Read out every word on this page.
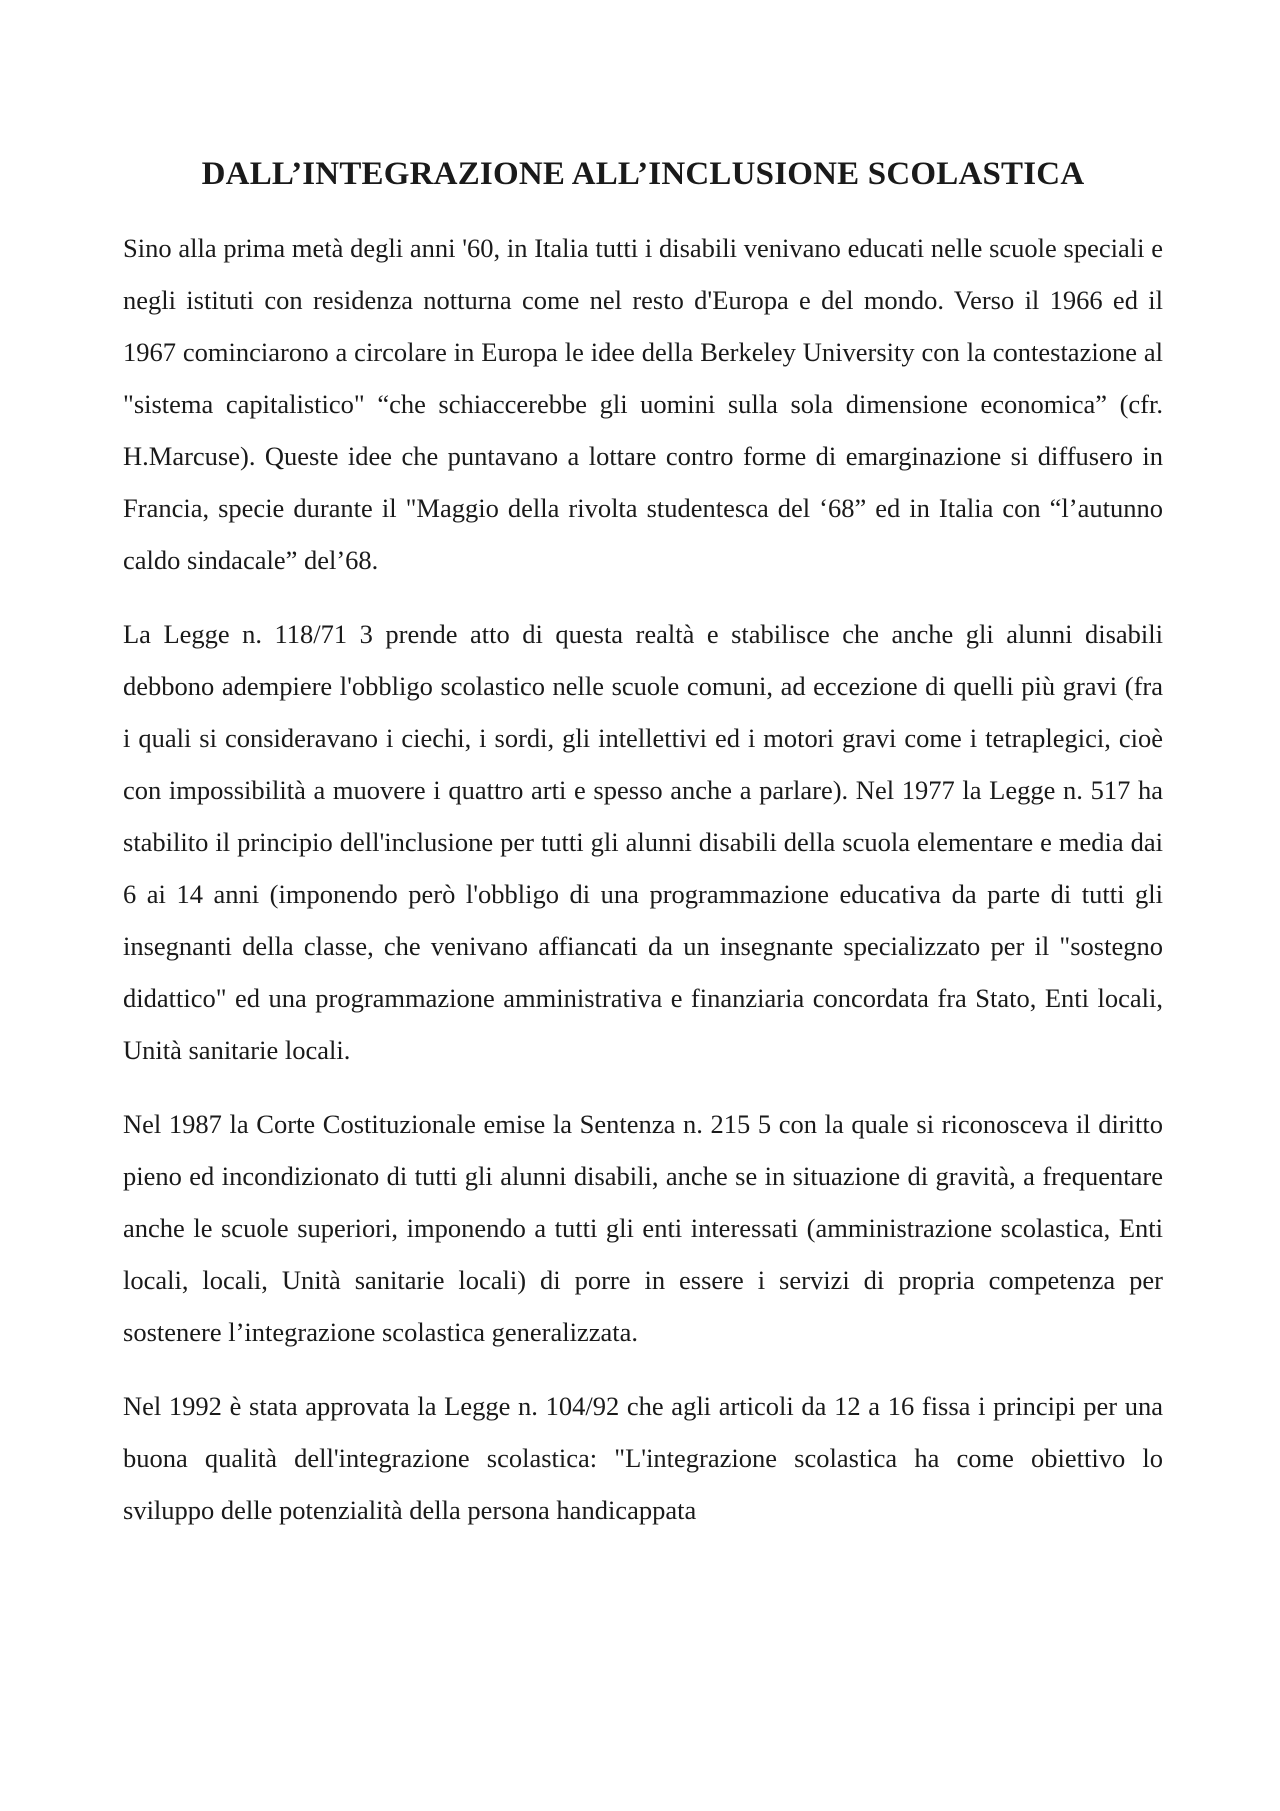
DALL’INTEGRAZIONE ALL’INCLUSIONE SCOLASTICA

Sino alla prima metà degli anni '60, in Italia tutti i disabili venivano educati nelle scuole speciali e negli istituti con residenza notturna come nel resto d'Europa e del mondo. Verso il 1966 ed il 1967 cominciarono a circolare in Europa le idee della Berkeley University con la contestazione al "sistema capitalistico" “che schiaccerebbe gli uomini sulla sola dimensione economica” (cfr. H.Marcuse). Queste idee che puntavano a lottare contro forme di emarginazione si diffusero in Francia, specie durante il "Maggio della rivolta studentesca del ‘68” ed in Italia con “l’autunno caldo sindacale” del’68.

La Legge n. 118/71 3 prende atto di questa realtà e stabilisce che anche gli alunni disabili debbono adempiere l'obbligo scolastico nelle scuole comuni, ad eccezione di quelli più gravi (fra i quali si consideravano i ciechi, i sordi, gli intellettivi ed i motori gravi come i tetraplegici, cioè con impossibilità a muovere i quattro arti e spesso anche a parlare). Nel 1977 la Legge n. 517 ha stabilito il principio dell'inclusione per tutti gli alunni disabili della scuola elementare e media dai 6 ai 14 anni (imponendo però l'obbligo di una programmazione educativa da parte di tutti gli insegnanti della classe, che venivano affiancati da un insegnante specializzato per il "sostegno didattico" ed una programmazione amministrativa e finanziaria concordata fra Stato, Enti locali, Unità sanitarie locali.

Nel 1987 la Corte Costituzionale emise la Sentenza n. 215 5 con la quale si riconosceva il diritto pieno ed incondizionato di tutti gli alunni disabili, anche se in situazione di gravità, a frequentare anche le scuole superiori, imponendo a tutti gli enti interessati (amministrazione scolastica, Enti locali, locali, Unità sanitarie locali) di porre in essere i servizi di propria competenza per sostenere l’integrazione scolastica generalizzata.

Nel 1992 è stata approvata la Legge n. 104/92 che agli articoli da 12 a 16 fissa i principi per una buona qualità dell'integrazione scolastica: "L'integrazione scolastica ha come obiettivo lo sviluppo delle potenzialità della persona handicappata
